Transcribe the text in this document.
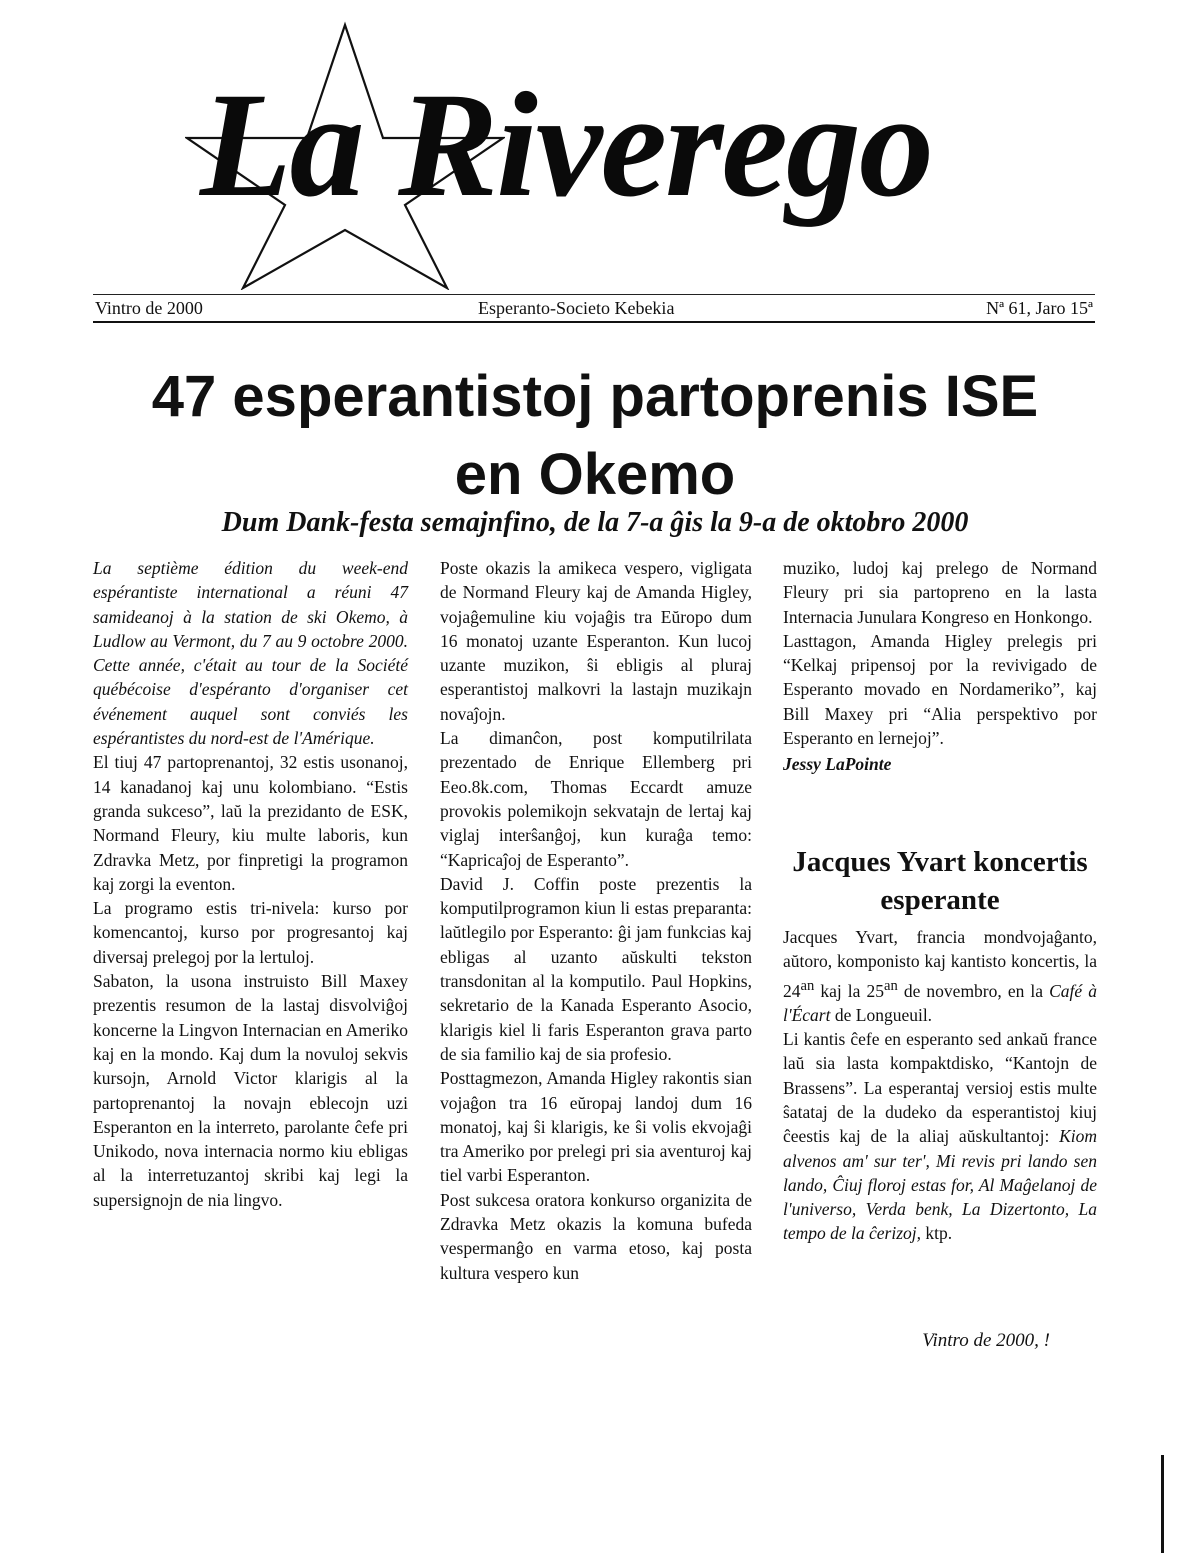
La Riverego
Vintro de 2000	Esperanto-Societo Kebekia	Nª 61, Jaro 15ª
47 esperantistoj partoprenis ISE
en Okemo
Dum Dank-festa semajnfino, de la 7-a ĝis la 9-a de oktobro 2000

La septième édition du week-end espérantiste international a réuni 47 samideanoj à la station de ski Okemo, à Ludlow au Vermont, du 7 au 9 octobre 2000. Cette année, c'était au tour de la Société québécoise d'espéranto d'organiser cet événement auquel sont conviés les espérantistes du nord-est de l'Amérique.

El tiuj 47 partoprenantoj, 32 estis usonanoj, 14 kanadanoj kaj unu kolombiano. “Estis granda sukceso”, laŭ la prezidanto de ESK, Normand Fleury, kiu multe laboris, kun Zdravka Metz, por finpretigi la programon kaj zorgi la eventon.

La programo estis tri-nivela: kurso por komencantoj, kurso por progresantoj kaj diversaj prelegoj por la lertuloj.

Sabaton, la usona instruisto Bill Maxey prezentis resumon de la lastaj disvolviĝoj koncerne la Lingvon Internacian en Ameriko kaj en la mondo. Kaj dum la novuloj sekvis kursojn, Arnold Victor klarigis al la partoprenantoj la novajn eblecojn uzi Esperanton en la interreto, parolante ĉefe pri Unikodo, nova internacia normo kiu ebligas al la interretuzantoj skribi kaj legi la supersignojn de nia lingvo.

Poste okazis la amikeca vespero, vigligata de Normand Fleury kaj de Amanda Higley, vojaĝemuline kiu vojaĝis tra Eŭropo dum 16 monatoj uzante Esperanton. Kun lucoj uzante muzikon, ŝi ebligis al pluraj esperantistoj malkovri la lastajn muzikajn novaĵojn.

La dimanĉon, post komputilrilata prezentado de Enrique Ellemberg pri Eeo.8k.com, Thomas Eccardt amuze provokis polemikojn sekvatajn de lertaj kaj viglaj interŝanĝoj, kun kuraĝa temo: “Kapricaĵoj de Esperanto”.

David J. Coffin poste prezentis la komputilprogramon kiun li estas preparanta: laŭtlegilo por Esperanto: ĝi jam funkcias kaj ebligas al uzanto aŭskulti tekston transdonitan al la komputilo. Paul Hopkins, sekretario de la Kanada Esperanto Asocio, klarigis kiel li faris Esperanton grava parto de sia familio kaj de sia profesio.

Posttagmezon, Amanda Higley rakontis sian vojaĝon tra 16 eŭropaj landoj dum 16 monatoj, kaj ŝi klarigis, ke ŝi volis ekvojaĝi tra Ameriko por prelegi pri sia aventuroj kaj tiel varbi Esperanton.

Post sukcesa oratora konkurso organizita de Zdravka Metz okazis la komuna bufeda vespermanĝo en varma etoso, kaj posta kultura vespero kun

muziko, ludoj kaj prelego de Normand Fleury pri sia partopreno en la lasta Internacia Junulara Kongreso en Honkongo.

Lasttagon, Amanda Higley prelegis pri “Kelkaj pripensoj por la revivigado de Esperanto movado en Nordameriko”, kaj Bill Maxey pri “Alia perspektivo por Esperanto en lernejoj”.

Jessy LaPointe

Jacques Yvart koncertis esperante

Jacques Yvart, francia mondvojaĝanto, aŭtoro, komponisto kaj kantisto koncertis, la $24^{an}$ kaj la $25^{an}$ de novembro, en la Café à l'Écart de Longueuil.

Li kantis ĉefe en esperanto sed ankaŭ france laŭ sia lasta kompaktdisko, “Kantojn de Brassens”. La esperantaj versioj estis multe ŝatataj de la dudeko da esperantistoj kiuj ĉeestis kaj de la aliaj aŭskultantoj: Kiom alvenos am' sur ter', Mi revis pri lando sen lando, Ĉiuj floroj estas for, Al Maĝelanoj de l'universo, Verda benk, La Dizertonto, La tempo de la ĉerizoj, ktp.

Vintro de 2000, !
